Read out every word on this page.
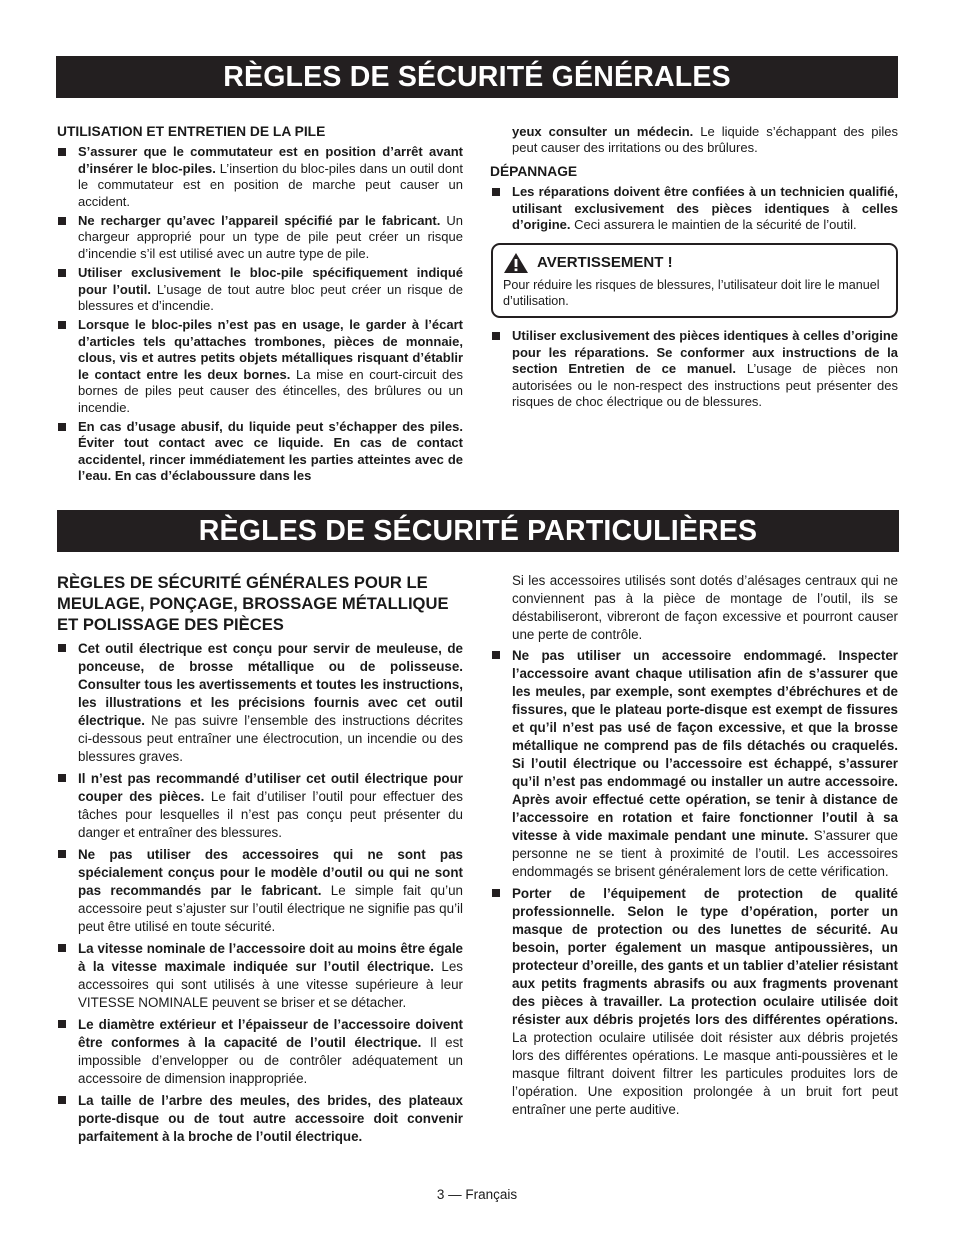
RÈGLES DE SÉCURITÉ GÉNÉRALES
UTILISATION ET ENTRETIEN DE LA PILE
S’assurer que le commutateur est en position d’arrêt avant d’insérer le bloc-piles. L’insertion du bloc-piles dans un outil dont le commutateur est en position de marche peut causer un accident.
Ne recharger qu’avec l’appareil spécifié par le fabricant. Un chargeur approprié pour un type de pile peut créer un risque d’incendie s’il est utilisé avec un autre type de pile.
Utiliser exclusivement le bloc-pile spécifiquement indiqué pour l’outil. L’usage de tout autre bloc peut créer un risque de blessures et d’incendie.
Lorsque le bloc-piles n’est pas en usage, le garder à l’écart d’articles tels qu’attaches trombones, pièces de monnaie, clous, vis et autres petits objets métalliques risquant d’établir le contact entre les deux bornes. La mise en court-circuit des bornes de piles peut causer des étincelles, des brûlures ou un incendie.
En cas d’usage abusif, du liquide peut s’échapper des piles. Éviter tout contact avec ce liquide. En cas de contact accidentel, rincer immédiatement les parties atteintes avec de l’eau. En cas d’éclaboussure dans les

yeux consulter un médecin. Le liquide s’échappant des piles peut causer des irritations ou des brûlures.

DÉPANNAGE
Les réparations doivent être confiées à un technicien qualifié, utilisant exclusivement des pièces identiques à celles d’origine. Ceci assurera le maintien de la sécurité de l’outil.
AVERTISSEMENT !
Pour réduire les risques de blessures, l’utilisateur doit lire le manuel d’utilisation.
Utiliser exclusivement des pièces identiques à celles d’origine pour les réparations. Se conformer aux instructions de la section Entretien de ce manuel. L’usage de pièces non autorisées ou le non-respect des instructions peut présenter des risques de choc électrique ou de blessures.
RÈGLES DE SÉCURITÉ PARTICULIÈRES
RÈGLES DE SÉCURITÉ GÉNÉRALES POUR LE MEULAGE, PONÇAGE, BROSSAGE MÉTALLIQUE ET POLISSAGE DES PIÈCES
Cet outil électrique est conçu pour servir de meuleuse, de ponceuse, de brosse métallique ou de polisseuse. Consulter tous les avertissements et toutes les instructions, les illustrations et les précisions fournis avec cet outil électrique. Ne pas suivre l’ensemble des instructions décrites ci-dessous peut entraîner une électrocution, un incendie ou des blessures graves.
Il n’est pas recommandé d’utiliser cet outil électrique pour couper des pièces. Le fait d’utiliser l’outil pour effectuer des tâches pour lesquelles il n’est pas conçu peut présenter du danger et entraîner des blessures.
Ne pas utiliser des accessoires qui ne sont pas spécialement conçus pour le modèle d’outil ou qui ne sont pas recommandés par le fabricant. Le simple fait qu’un accessoire peut s’ajuster sur l’outil électrique ne signifie pas qu’il peut être utilisé en toute sécurité.
La vitesse nominale de l’accessoire doit au moins être égale à la vitesse maximale indiquée sur l’outil électrique. Les accessoires qui sont utilisés à une vitesse supérieure à leur VITESSE NOMINALE peuvent se briser et se détacher.
Le diamètre extérieur et l’épaisseur de l’accessoire doivent être conformes à la capacité de l’outil électrique. Il est impossible d’envelopper ou de contrôler adéquatement un accessoire de dimension inappropriée.
La taille de l’arbre des meules, des brides, des plateaux porte-disque ou de tout autre accessoire doit convenir parfaitement à la broche de l’outil électrique.

Si les accessoires utilisés sont dotés d’alésages centraux qui ne conviennent pas à la pièce de montage de l’outil, ils se déstabiliseront, vibreront de façon excessive et pourront causer une perte de contrôle.

Ne pas utiliser un accessoire endommagé. Inspecter l’accessoire avant chaque utilisation afin de s’assurer que les meules, par exemple, sont exemptes d’ébréchures et de fissures, que le plateau porte-disque est exempt de fissures et qu’il n’est pas usé de façon excessive, et que la brosse métallique ne comprend pas de fils détachés ou craquelés. Si l’outil électrique ou l’accessoire est échappé, s’assurer qu’il n’est pas endommagé ou installer un autre accessoire. Après avoir effectué cette opération, se tenir à distance de l’accessoire en rotation et faire fonctionner l’outil à sa vitesse à vide maximale pendant une minute. S’assurer que personne ne se tient à proximité de l’outil. Les accessoires endommagés se brisent généralement lors de cette vérification.
Porter de l’équipement de protection de qualité professionnelle. Selon le type d’opération, porter un masque de protection ou des lunettes de sécurité. Au besoin, porter également un masque antipoussières, un protecteur d’oreille, des gants et un tablier d’atelier résistant aux petits fragments abrasifs ou aux fragments provenant des pièces à travailler. La protection oculaire utilisée doit résister aux débris projetés lors des différentes opérations. La protection oculaire utilisée doit résister aux débris projetés lors des différentes opérations. Le masque anti-poussières et le masque filtrant doivent filtrer les particules produites lors de l’opération. Une exposition prolongée à un bruit fort peut entraîner une perte auditive.
3 — Français
